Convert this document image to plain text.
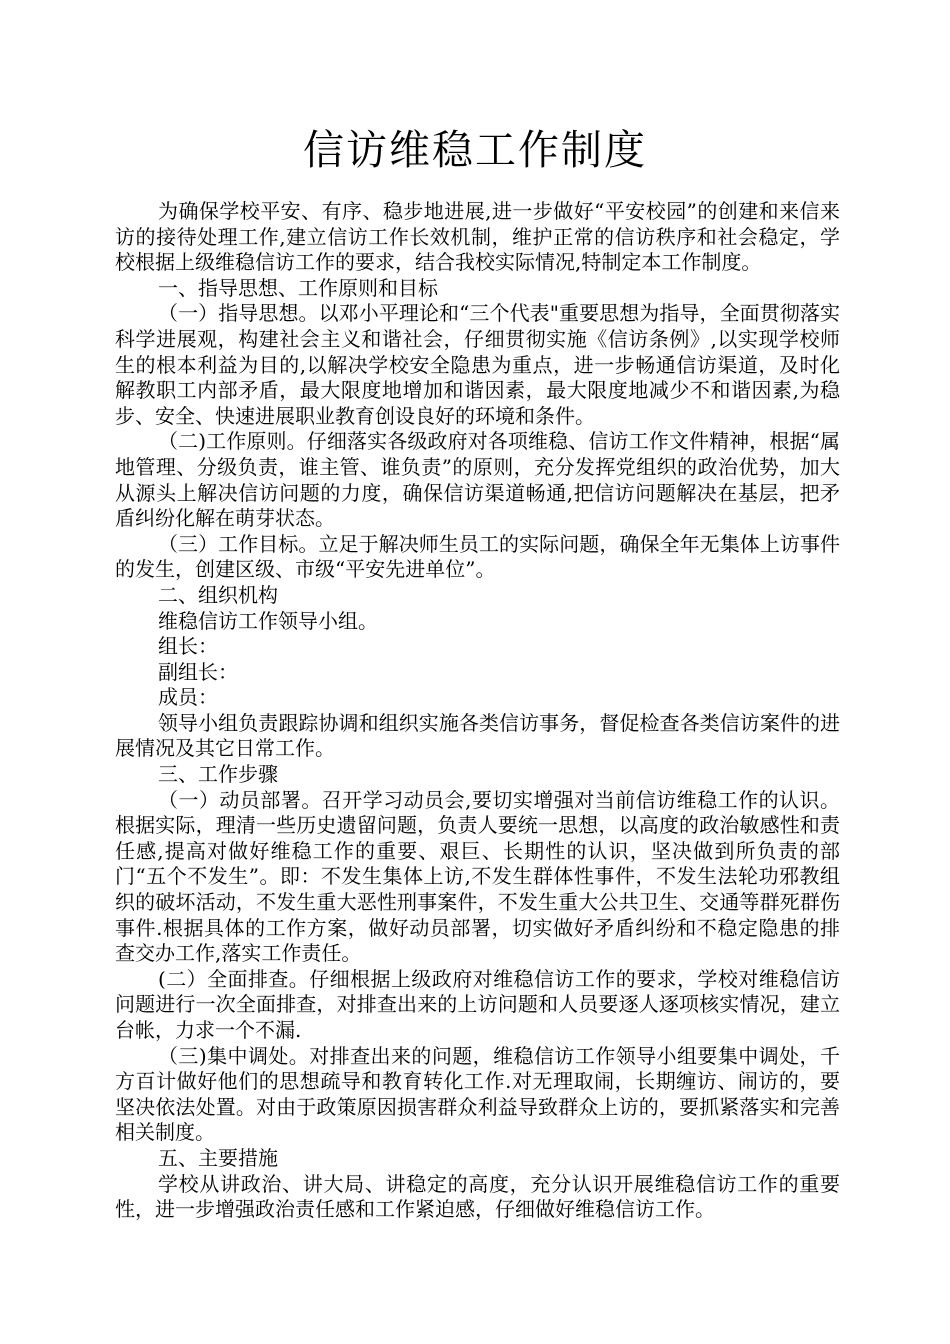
信访维稳工作制度

为确保学校平安、有序、稳步地进展,进一步做好“平安校园”的创建和来信来访的接待处理工作,建立信访工作长效机制，维护正常的信访秩序和社会稳定，学校根据上级维稳信访工作的要求，结合我校实际情况,特制定本工作制度。

一、指导思想、工作原则和目标

（一）指导思想。以邓小平理论和“三个代表"重要思想为指导，全面贯彻落实科学进展观，构建社会主义和谐社会，仔细贯彻实施《信访条例》,以实现学校师生的根本利益为目的,以解决学校安全隐患为重点，进一步畅通信访渠道，及时化解教职工内部矛盾，最大限度地增加和谐因素，最大限度地减少不和谐因素,为稳步、安全、快速进展职业教育创设良好的环境和条件。

（二)工作原则。仔细落实各级政府对各项维稳、信访工作文件精神，根据“属地管理、分级负责，谁主管、谁负责”的原则，充分发挥党组织的政治优势，加大从源头上解决信访问题的力度，确保信访渠道畅通,把信访问题解决在基层，把矛盾纠纷化解在萌芽状态。

（三）工作目标。立足于解决师生员工的实际问题，确保全年无集体上访事件的发生，创建区级、市级“平安先进单位”。

二、组织机构

维稳信访工作领导小组。

组长：

副组长：

成员：

领导小组负责跟踪协调和组织实施各类信访事务，督促检查各类信访案件的进展情况及其它日常工作。

三、工作步骤

（一）动员部署。召开学习动员会,要切实增强对当前信访维稳工作的认识。根据实际，理清一些历史遗留问题，负责人要统一思想，以高度的政治敏感性和责任感,提高对做好维稳工作的重要、艰巨、长期性的认识，坚决做到所负责的部门“五个不发生”。即：不发生集体上访,不发生群体性事件，不发生法轮功邪教组织的破坏活动，不发生重大恶性刑事案件，不发生重大公共卫生、交通等群死群伤事件.根据具体的工作方案，做好动员部署，切实做好矛盾纠纷和不稳定隐患的排查交办工作,落实工作责任。

(二）全面排查。仔细根据上级政府对维稳信访工作的要求，学校对维稳信访问题进行一次全面排查，对排查出来的上访问题和人员要逐人逐项核实情况，建立台帐，力求一个不漏.

（三)集中调处。对排查出来的问题，维稳信访工作领导小组要集中调处，千方百计做好他们的思想疏导和教育转化工作.对无理取闹，长期缠访、闹访的，要坚决依法处置。对由于政策原因损害群众利益导致群众上访的，要抓紧落实和完善相关制度。

五、主要措施

学校从讲政治、讲大局、讲稳定的高度，充分认识开展维稳信访工作的重要性，进一步增强政治责任感和工作紧迫感，仔细做好维稳信访工作。
